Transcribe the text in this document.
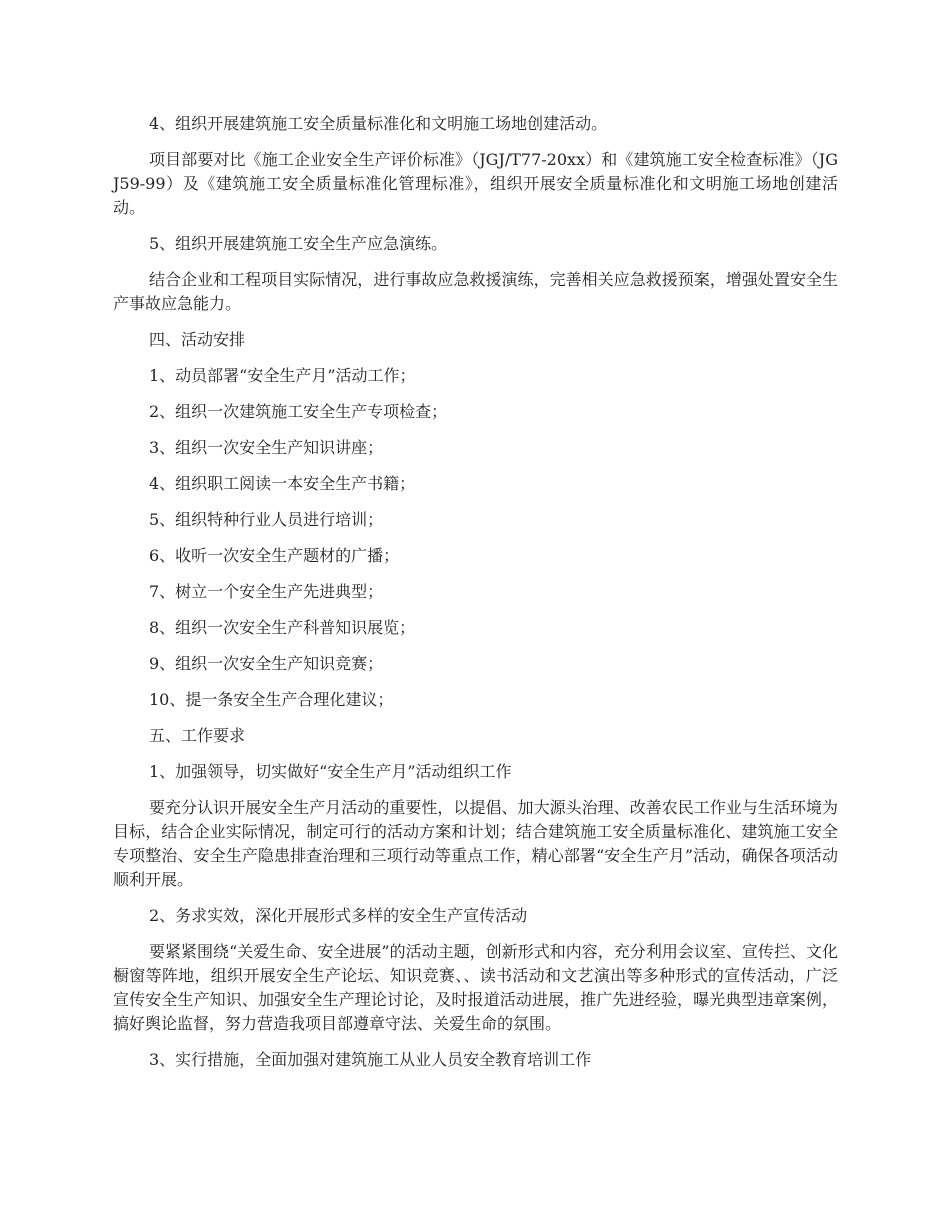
4、组织开展建筑施工安全质量标准化和文明施工场地创建活动。

项目部要对比《施工企业安全生产评价标准》（JGJ/T77-20xx）和《建筑施工安全检查标准》（JGJ59-99）及《建筑施工安全质量标准化管理标准》，组织开展安全质量标准化和文明施工场地创建活动。

5、组织开展建筑施工安全生产应急演练。

结合企业和工程项目实际情况，进行事故应急救援演练，完善相关应急救援预案，增强处置安全生产事故应急能力。

四、活动安排

1、动员部署“安全生产月”活动工作；

2、组织一次建筑施工安全生产专项检查；

3、组织一次安全生产知识讲座；

4、组织职工阅读一本安全生产书籍；

5、组织特种行业人员进行培训；

6、收听一次安全生产题材的广播；

7、树立一个安全生产先进典型；

8、组织一次安全生产科普知识展览；

9、组织一次安全生产知识竞赛；

10、提一条安全生产合理化建议；

五、工作要求

1、加强领导，切实做好“安全生产月”活动组织工作

要充分认识开展安全生产月活动的重要性，以提倡、加大源头治理、改善农民工作业与生活环境为目标，结合企业实际情况，制定可行的活动方案和计划；结合建筑施工安全质量标准化、建筑施工安全专项整治、安全生产隐患排查治理和三项行动等重点工作，精心部署“安全生产月”活动，确保各项活动顺利开展。

2、务求实效，深化开展形式多样的安全生产宣传活动

要紧紧围绕“关爱生命、安全进展”的活动主题，创新形式和内容，充分利用会议室、宣传拦、文化橱窗等阵地，组织开展安全生产论坛、知识竞赛、、读书活动和文艺演出等多种形式的宣传活动，广泛宣传安全生产知识、加强安全生产理论讨论，及时报道活动进展，推广先进经验，曝光典型违章案例，搞好舆论监督，努力营造我项目部遵章守法、关爱生命的氛围。

3、实行措施，全面加强对建筑施工从业人员安全教育培训工作
